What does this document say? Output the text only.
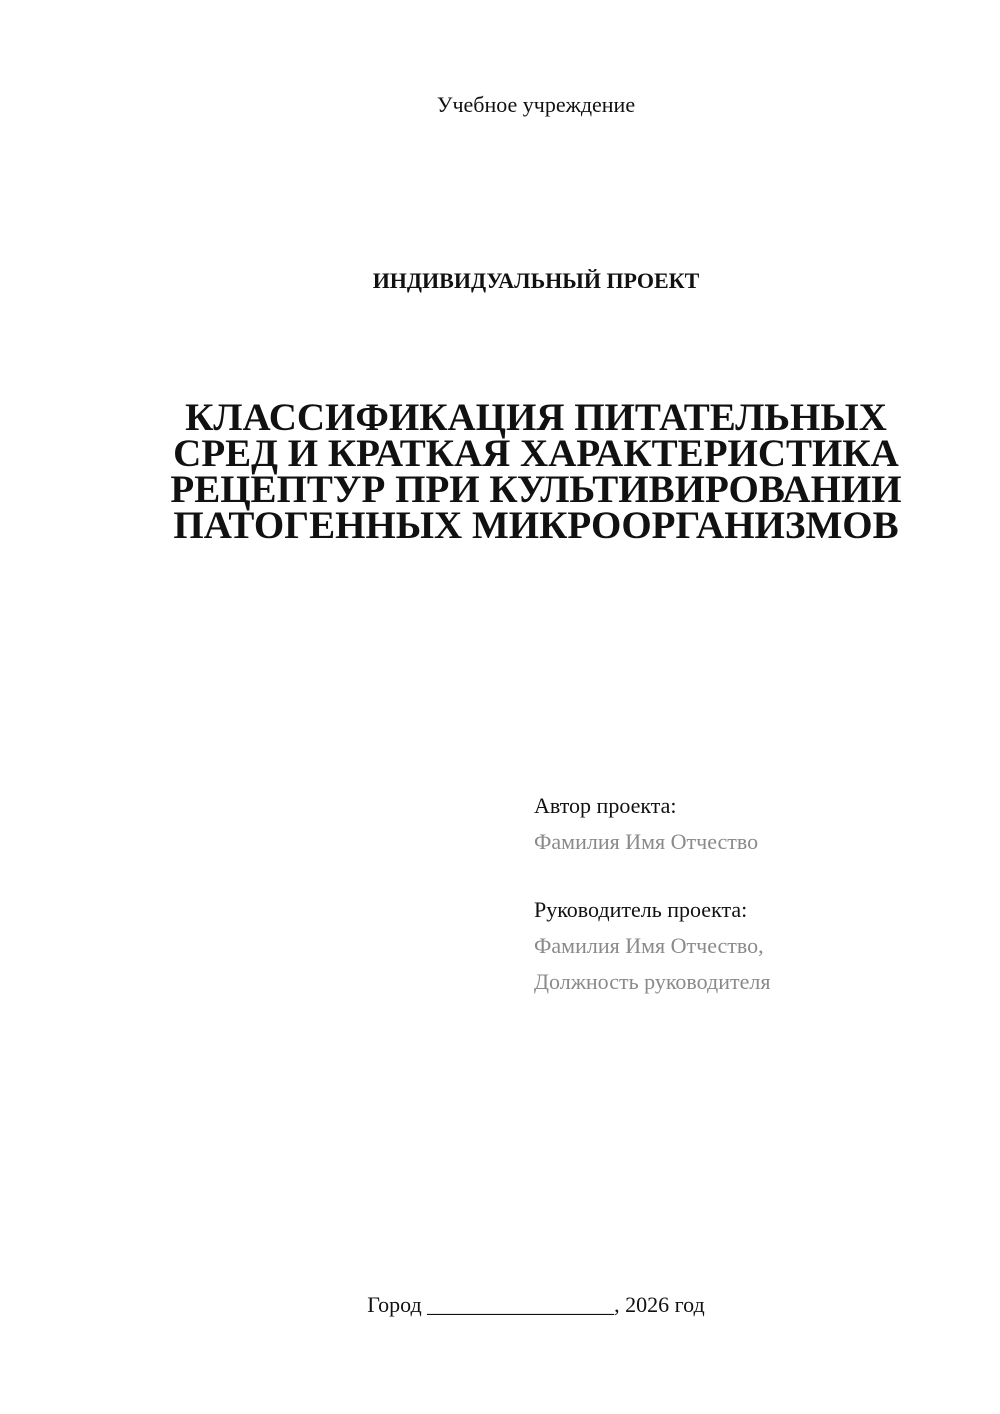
Учебное учреждение
ИНДИВИДУАЛЬНЫЙ ПРОЕКТ
КЛАССИФИКАЦИЯ ПИТАТЕЛЬНЫХ
СРЕД И КРАТКАЯ ХАРАКТЕРИСТИКА
РЕЦЕПТУР ПРИ КУЛЬТИВИРОВАНИИ
ПАТОГЕННЫХ МИКРООРГАНИЗМОВ
Автор проекта:
Фамилия Имя Отчество
Руководитель проекта:
Фамилия Имя Отчество,
Должность руководителя
Город _________________, 2026 год
